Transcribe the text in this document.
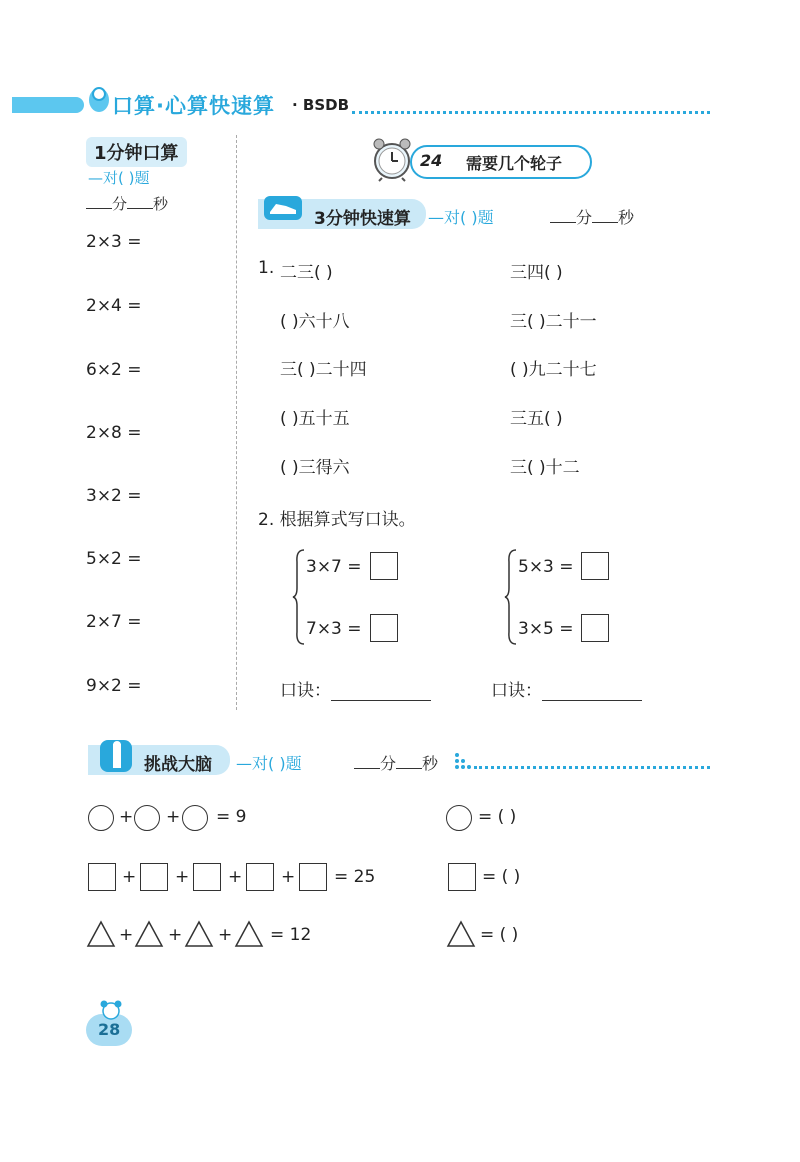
口算·心算快速算 · BSDB
1分钟口算
—对( )题
分 秒
2×3 =
2×4 =
6×2 =
2×8 =
3×2 =
5×2 =
2×7 =
9×2 =
24 需要几个轮子
3分钟快速算 —对( )题	分 秒
1. 二三( )	三四( )
( )六十八	三( )二十一
三( )二十四	( )九二十七
( )五十五	三五( )
( )三得六	三( )十二
2. 根据算式写口诀。
3×7 =
7×3 =
5×3 =
3×5 =
口诀：	口诀：
挑战大脑 —对( )题	分 秒
+ + = 9	= ( )
+ + + + = 25	= ( )
+ + + = 12	= ( )
28
